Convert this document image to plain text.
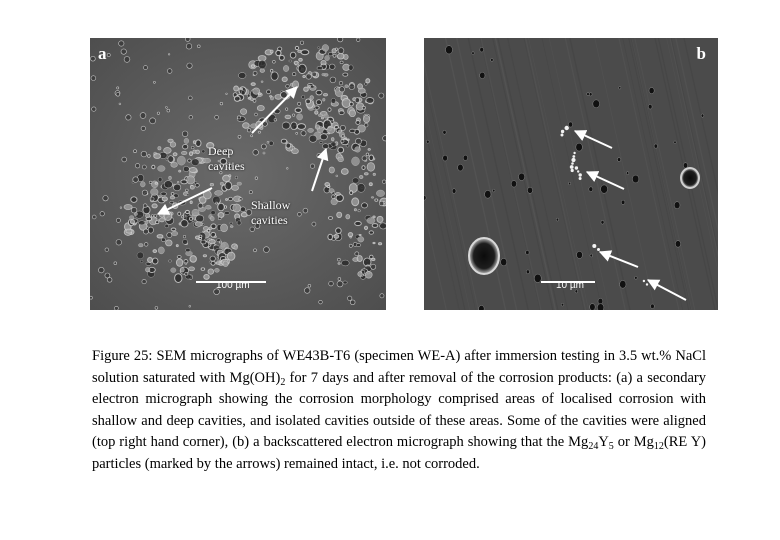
a
Deep
cavities
Shallow
cavities
100 µm
b
10 µm
Figure 25: SEM micrographs of WE43B-T6 (specimen WE-A) after immersion testing in 3.5 wt.% NaCl solution saturated with $Mg(OH)_2$ for 7 days and after removal of the corrosion products: (a) a secondary electron micrograph showing the corrosion morphology comprised areas of localised corrosion with shallow and deep cavities, and isolated cavities outside of these areas. Some of the cavities were aligned (top right hand corner), (b) a backscattered electron micrograph showing that the $Mg_{24}Y_5$ or $Mg_{12}(RE$ Y) particles (marked by the arrows) remained intact, i.e. not corroded.
